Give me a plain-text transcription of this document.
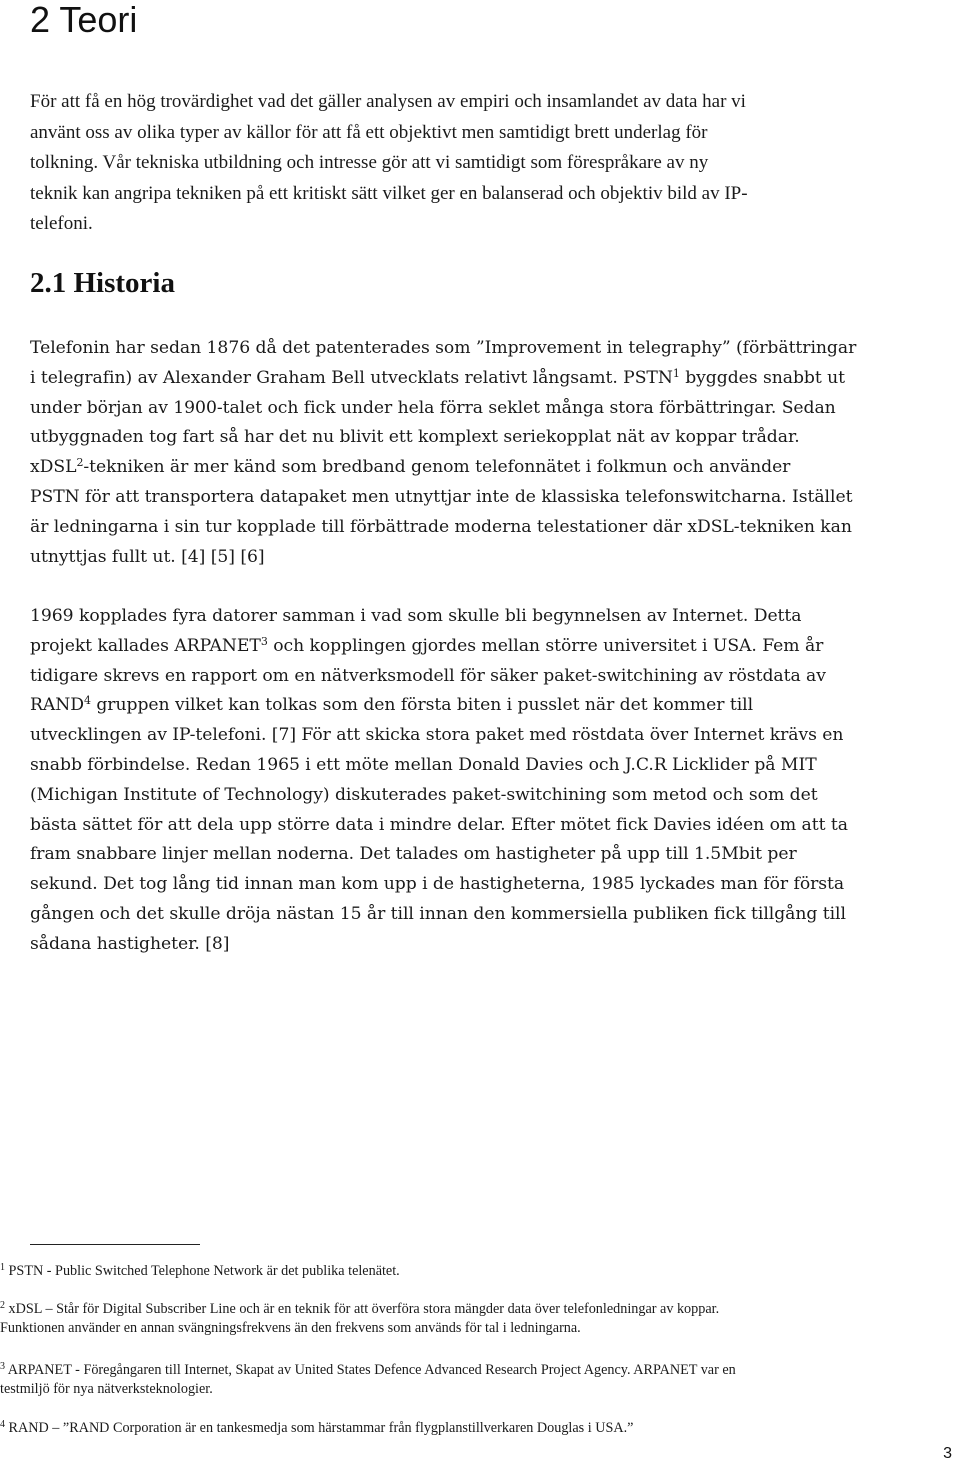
2 Teori

För att få en hög trovärdighet vad det gäller analysen av empiri och insamlandet av data har vi
använt oss av olika typer av källor för att få ett objektivt men samtidigt brett underlag för
tolkning. Vår tekniska utbildning och intresse gör att vi samtidigt som förespråkare av ny
teknik kan angripa tekniken på ett kritiskt sätt vilket ger en balanserad och objektiv bild av IP-
telefoni.

2.1 Historia

Telefonin har sedan 1876 då det patenterades som ”Improvement in telegraphy” (förbättringar
i telegrafin) av Alexander Graham Bell utvecklats relativt långsamt. PSTN$^1$ byggdes snabbt ut
under början av 1900-talet och fick under hela förra seklet många stora förbättringar. Sedan
utbyggnaden tog fart så har det nu blivit ett komplext seriekopplat nät av koppar trådar.
xDSL$^2$-tekniken är mer känd som bredband genom telefonnätet i folkmun och använder
PSTN för att transportera datapaket men utnyttjar inte de klassiska telefonswitcharna. Istället
är ledningarna i sin tur kopplade till förbättrade moderna telestationer där xDSL-tekniken kan
utnyttjas fullt ut. [4] [5] [6]

1969 kopplades fyra datorer samman i vad som skulle bli begynnelsen av Internet. Detta
projekt kallades ARPANET$^3$ och kopplingen gjordes mellan större universitet i USA. Fem år
tidigare skrevs en rapport om en nätverksmodell för säker paket-switchining av röstdata av
RAND$^4$ gruppen vilket kan tolkas som den första biten i pusslet när det kommer till
utvecklingen av IP-telefoni. [7] För att skicka stora paket med röstdata över Internet krävs en
snabb förbindelse. Redan 1965 i ett möte mellan Donald Davies och J.C.R Licklider på MIT
(Michigan Institute of Technology) diskuterades paket-switchining som metod och som det
bästa sättet för att dela upp större data i mindre delar. Efter mötet fick Davies idéen om att ta
fram snabbare linjer mellan noderna. Det talades om hastigheter på upp till 1.5Mbit per
sekund. Det tog lång tid innan man kom upp i de hastigheterna, 1985 lyckades man för första
gången och det skulle dröja nästan 15 år till innan den kommersiella publiken fick tillgång till
sådana hastigheter. [8]

$^1$ PSTN - Public Switched Telephone Network är det publika telenätet.

$^2$ xDSL – Står för Digital Subscriber Line och är en teknik för att överföra stora mängder data över telefonledningar av koppar.
Funktionen använder en annan svängningsfrekvens än den frekvens som används för tal i ledningarna.

$^3$ ARPANET - Föregångaren till Internet, Skapat av United States Defence Advanced Research Project Agency. ARPANET var en
testmiljö för nya nätverksteknologier.

$^4$ RAND – ”RAND Corporation är en tankesmedja som härstammar från flygplanstillverkaren Douglas i USA.”

3
